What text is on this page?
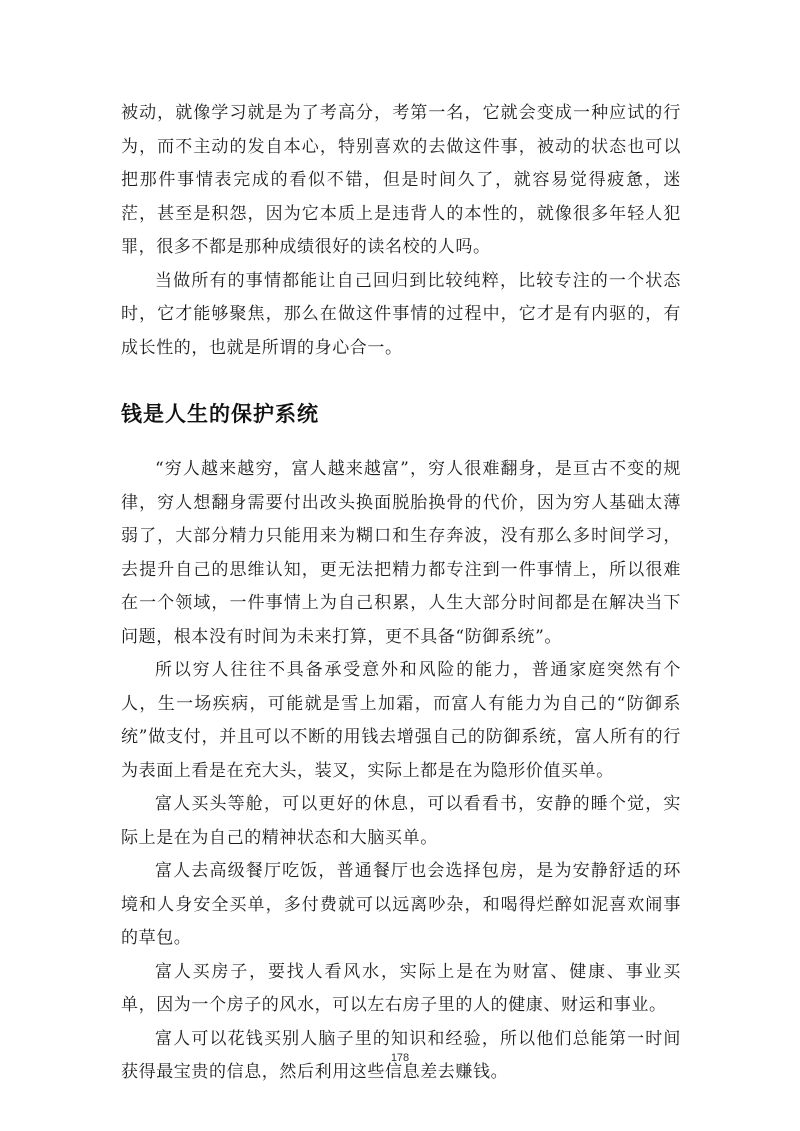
被动，就像学习就是为了考高分，考第一名，它就会变成一种应试的行为，而不主动的发自本心，特别喜欢的去做这件事，被动的状态也可以把那件事情表完成的看似不错，但是时间久了，就容易觉得疲惫，迷茫，甚至是积怨，因为它本质上是违背人的本性的，就像很多年轻人犯罪，很多不都是那种成绩很好的读名校的人吗。

当做所有的事情都能让自己回归到比较纯粹，比较专注的一个状态时，它才能够聚焦，那么在做这件事情的过程中，它才是有内驱的，有成长性的，也就是所谓的身心合一。

钱是人生的保护系统

“穷人越来越穷，富人越来越富”，穷人很难翻身，是亘古不变的规律，穷人想翻身需要付出改头换面脱胎换骨的代价，因为穷人基础太薄弱了，大部分精力只能用来为糊口和生存奔波，没有那么多时间学习，去提升自己的思维认知，更无法把精力都专注到一件事情上，所以很难在一个领域，一件事情上为自己积累，人生大部分时间都是在解决当下问题，根本没有时间为未来打算，更不具备“防御系统”。

所以穷人往往不具备承受意外和风险的能力，普通家庭突然有个人，生一场疾病，可能就是雪上加霜，而富人有能力为自己的“防御系统”做支付，并且可以不断的用钱去增强自己的防御系统，富人所有的行为表面上看是在充大头，装叉，实际上都是在为隐形价值买单。

富人买头等舱，可以更好的休息，可以看看书，安静的睡个觉，实际上是在为自己的精神状态和大脑买单。

富人去高级餐厅吃饭，普通餐厅也会选择包房，是为安静舒适的环境和人身安全买单，多付费就可以远离吵杂，和喝得烂醉如泥喜欢闹事的草包。

富人买房子，要找人看风水，实际上是在为财富、健康、事业买单，因为一个房子的风水，可以左右房子里的人的健康、财运和事业。

富人可以花钱买别人脑子里的知识和经验，所以他们总能第一时间获得最宝贵的信息，然后利用这些信息差去赚钱。

178
